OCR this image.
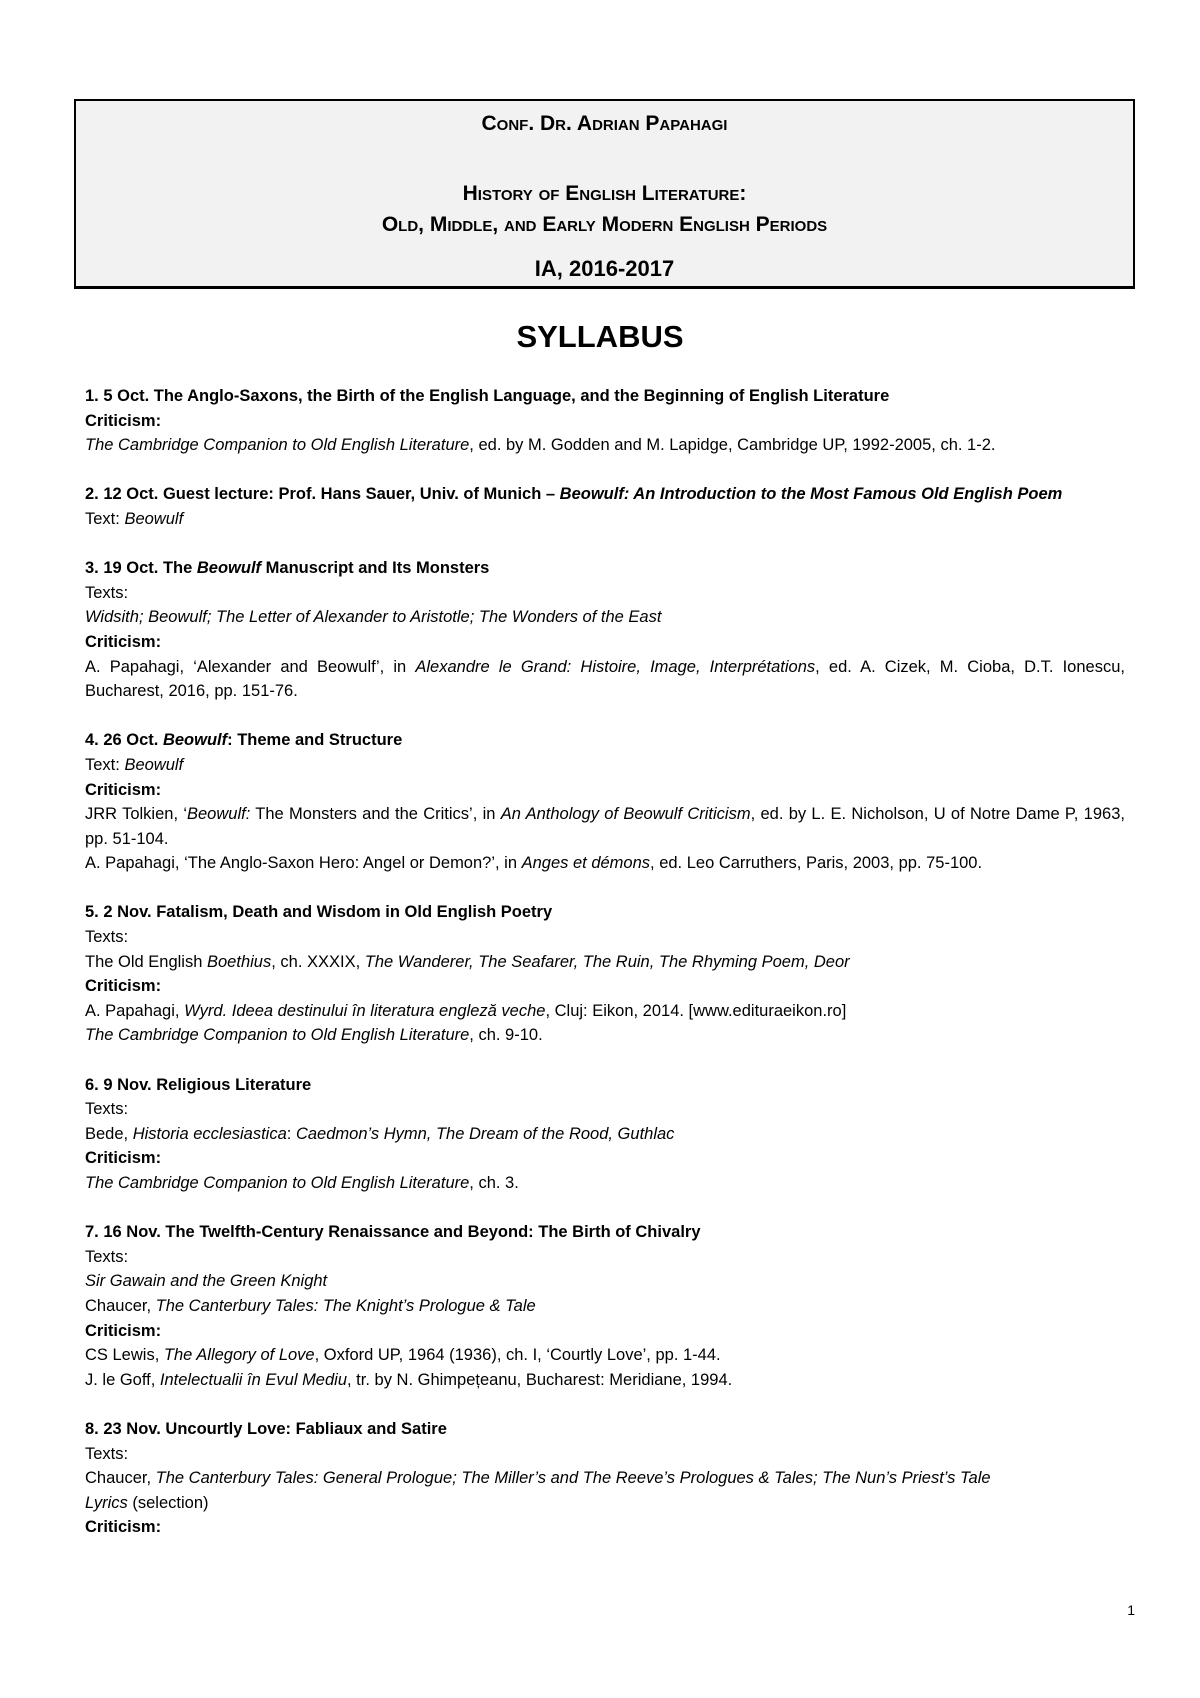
Conf. Dr. Adrian Papahagi
History of English Literature:
Old, Middle, and Early Modern English Periods
IA, 2016-2017
SYLLABUS
1. 5 Oct. The Anglo-Saxons, the Birth of the English Language, and the Beginning of English Literature
Criticism:
The Cambridge Companion to Old English Literature, ed. by M. Godden and M. Lapidge, Cambridge UP, 1992-2005, ch. 1-2.
2. 12 Oct. Guest lecture: Prof. Hans Sauer, Univ. of Munich – Beowulf: An Introduction to the Most Famous Old English Poem
Text: Beowulf
3. 19 Oct. The Beowulf Manuscript and Its Monsters
Texts:
Widsith; Beowulf; The Letter of Alexander to Aristotle; The Wonders of the East
Criticism:
A. Papahagi, ‘Alexander and Beowulf’, in Alexandre le Grand: Histoire, Image, Interprétations, ed. A. Cizek, M. Cioba, D.T. Ionescu, Bucharest, 2016, pp. 151-76.
4. 26 Oct. Beowulf: Theme and Structure
Text: Beowulf
Criticism:
JRR Tolkien, ‘Beowulf: The Monsters and the Critics’, in An Anthology of Beowulf Criticism, ed. by L. E. Nicholson, U of Notre Dame P, 1963, pp. 51-104.
A. Papahagi, ‘The Anglo-Saxon Hero: Angel or Demon?’, in Anges et démons, ed. Leo Carruthers, Paris, 2003, pp. 75-100.
5. 2 Nov. Fatalism, Death and Wisdom in Old English Poetry
Texts:
The Old English Boethius, ch. XXXIX, The Wanderer, The Seafarer, The Ruin, The Rhyming Poem, Deor
Criticism:
A. Papahagi, Wyrd. Ideea destinului în literatura engleză veche, Cluj: Eikon, 2014. [www.edituraeikon.ro]
The Cambridge Companion to Old English Literature, ch. 9-10.
6. 9 Nov. Religious Literature
Texts:
Bede, Historia ecclesiastica: Caedmon’s Hymn, The Dream of the Rood, Guthlac
Criticism:
The Cambridge Companion to Old English Literature, ch. 3.
7. 16 Nov. The Twelfth-Century Renaissance and Beyond: The Birth of Chivalry
Texts:
Sir Gawain and the Green Knight
Chaucer, The Canterbury Tales: The Knight’s Prologue & Tale
Criticism:
CS Lewis, The Allegory of Love, Oxford UP, 1964 (1936), ch. I, ‘Courtly Love’, pp. 1-44.
J. le Goff, Intelectualii în Evul Mediu, tr. by N. Ghimpețeanu, Bucharest: Meridiane, 1994.
8. 23 Nov. Uncourtly Love: Fabliaux and Satire
Texts:
Chaucer, The Canterbury Tales: General Prologue; The Miller’s and The Reeve’s Prologues & Tales; The Nun’s Priest’s Tale
Lyrics (selection)
Criticism:
1
